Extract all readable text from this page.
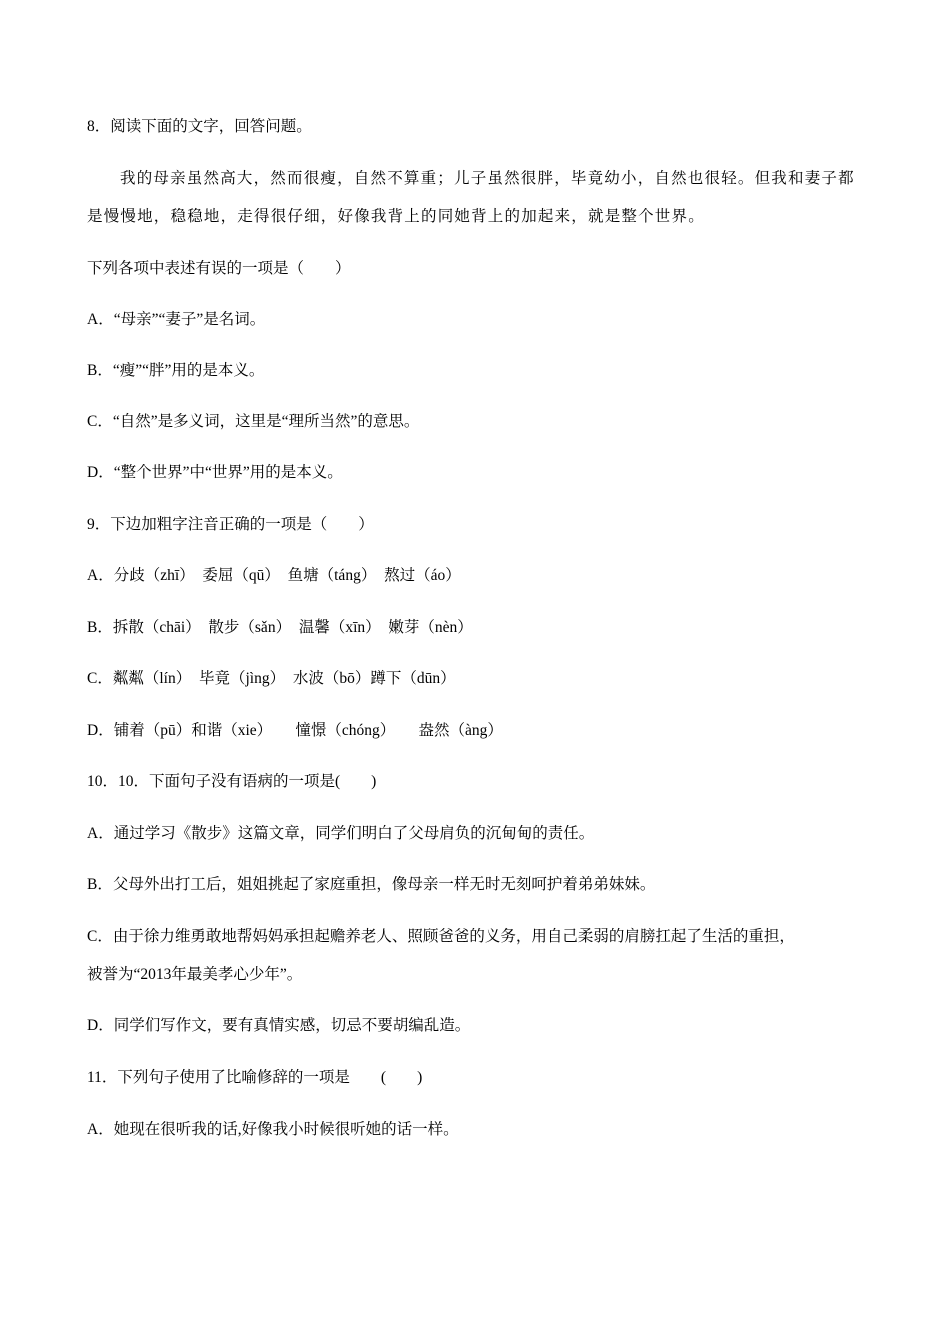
8．阅读下面的文字，回答问题。
我的母亲虽然高大，然而很瘦，自然不算重；儿子虽然很胖，毕竟幼小，自然也很轻。但我和妻子都
是慢慢地，稳稳地，走得很仔细，好像我背上的同她背上的加起来，就是整个世界。
下列各项中表述有误的一项是（　　）
A．“母亲”“妻子”是名词。
B．“瘦”“胖”用的是本义。
C．“自然”是多义词，这里是“理所当然”的意思。
D．“整个世界”中“世界”用的是本义。
9．下边加粗字注音正确的一项是（　　）
A．分歧（zhī）  委屈（qū）  鱼塘（táng）  熬过（áo）
B．拆散（chāi）  散步（sǎn）  温馨（xīn）  嫩芽（nèn）
C．粼粼（lín）  毕竟（jìng）  水波（bō）蹲下（dūn）
D．铺着（pū）和谐（xie）      憧憬（chóng）      盎然（àng）
10．10．下面句子没有语病的一项是(　　)
A．通过学习《散步》这篇文章，同学们明白了父母肩负的沉甸甸的责任。
B．父母外出打工后，姐姐挑起了家庭重担，像母亲一样无时无刻呵护着弟弟妹妹。
C．由于徐力维勇敢地帮妈妈承担起赡养老人、照顾爸爸的义务，用自己柔弱的肩膀扛起了生活的重担，
被誉为“2013年最美孝心少年”。
D．同学们写作文，要有真情实感，切忌不要胡编乱造。
11．下列句子使用了比喻修辞的一项是　　(　　)
A．她现在很听我的话,好像我小时候很听她的话一样。
